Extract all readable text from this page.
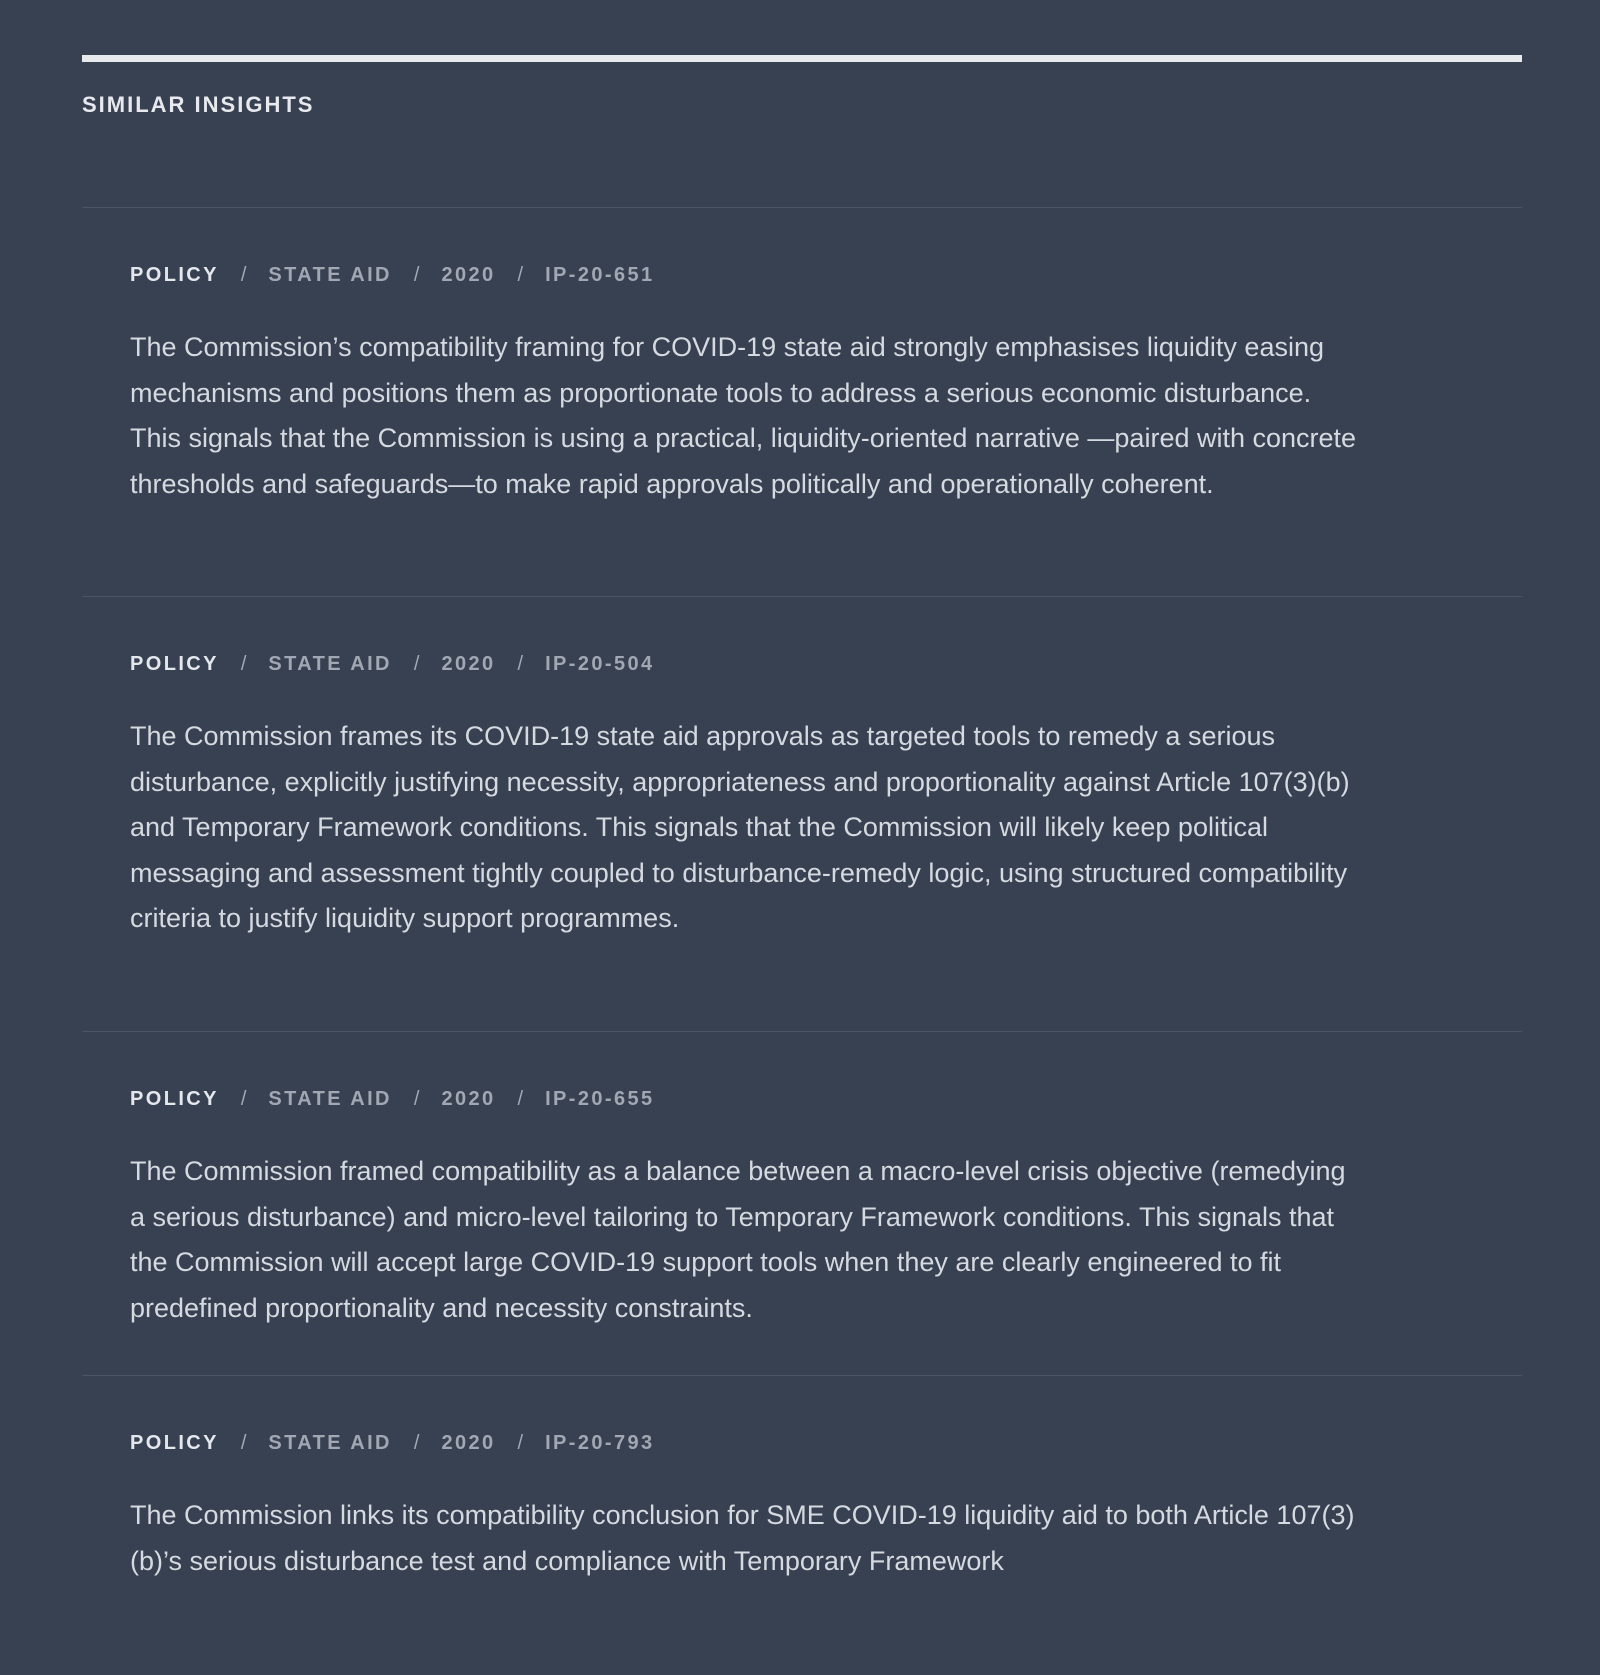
SIMILAR INSIGHTS
POLICY / STATE AID / 2020 / IP-20-651
The Commission’s compatibility framing for COVID-19 state aid strongly emphasises liquidity easing mechanisms and positions them as proportionate tools to address a serious economic disturbance. This signals that the Commission is using a practical, liquidity-oriented narrative —paired with concrete thresholds and safeguards—to make rapid approvals politically and operationally coherent.
POLICY / STATE AID / 2020 / IP-20-504
The Commission frames its COVID-19 state aid approvals as targeted tools to remedy a serious disturbance, explicitly justifying necessity, appropriateness and proportionality against Article 107(3)(b) and Temporary Framework conditions. This signals that the Commission will likely keep political messaging and assessment tightly coupled to disturbance-remedy logic, using structured compatibility criteria to justify liquidity support programmes.
POLICY / STATE AID / 2020 / IP-20-655
The Commission framed compatibility as a balance between a macro-level crisis objective (remedying a serious disturbance) and micro-level tailoring to Temporary Framework conditions. This signals that the Commission will accept large COVID-19 support tools when they are clearly engineered to fit predefined proportionality and necessity constraints.
POLICY / STATE AID / 2020 / IP-20-793
The Commission links its compatibility conclusion for SME COVID-19 liquidity aid to both Article 107(3)(b)’s serious disturbance test and compliance with Temporary Framework
